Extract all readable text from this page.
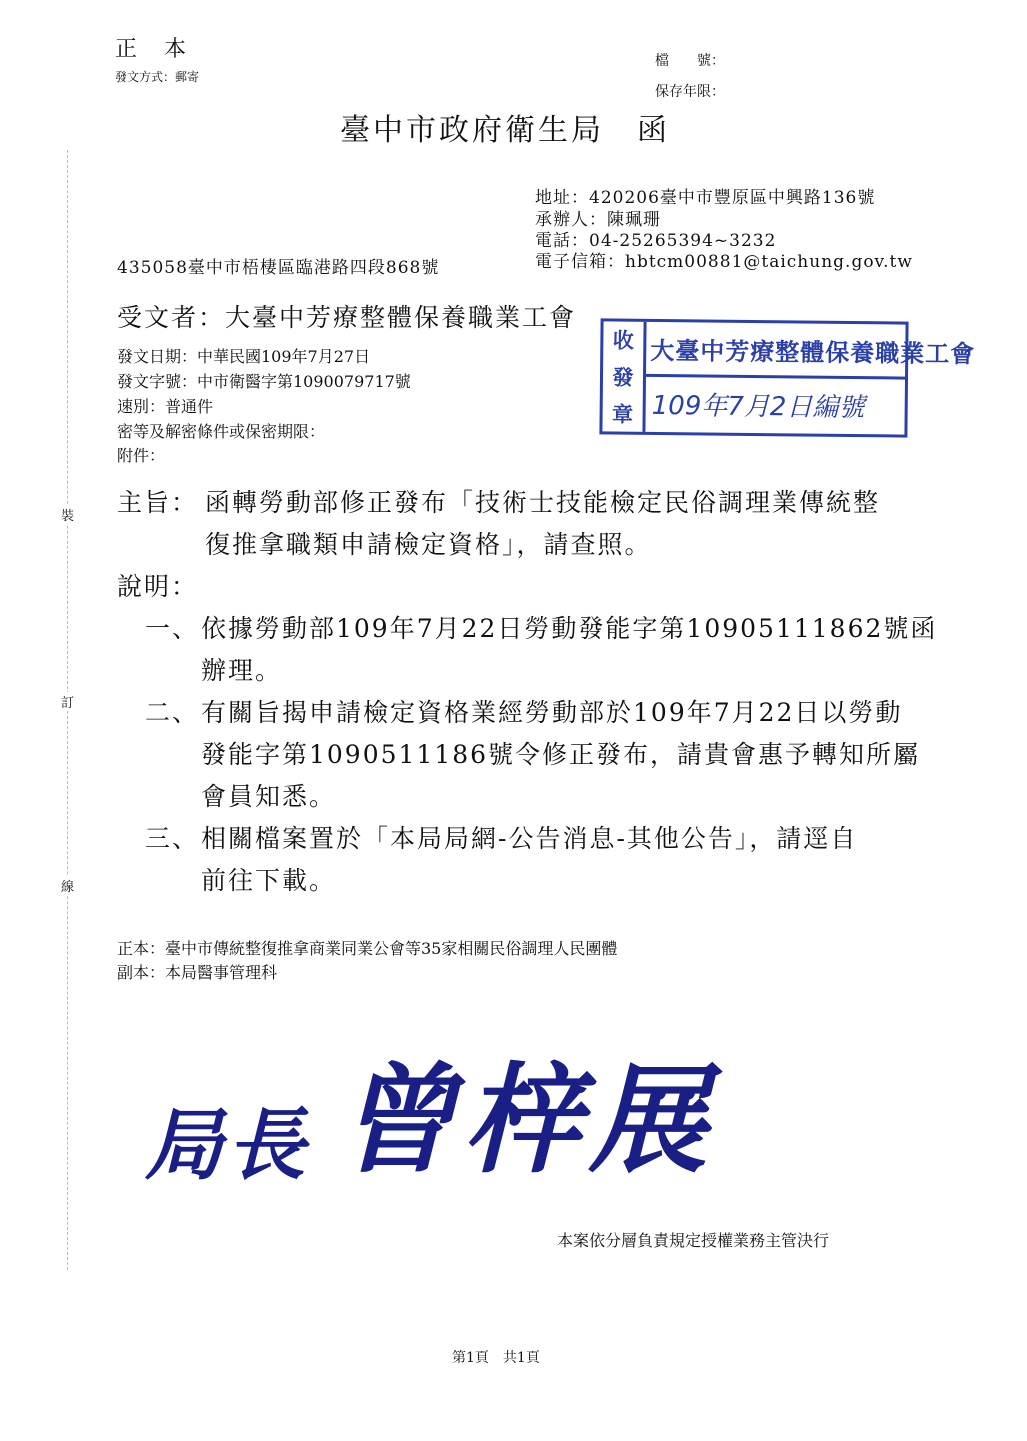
裝
訂
線
正 本
發文方式：郵寄
檔　　號：
保存年限：
臺中市政府衛生局　函
地址：420206臺中市豐原區中興路136號
承辦人：陳珮珊
電話：04-25265394~3232
電子信箱：hbtcm00881@taichung.gov.tw
435058臺中市梧棲區臨港路四段868號
受文者：大臺中芳療整體保養職業工會
發文日期：中華民國109年7月27日
發文字號：中市衛醫字第1090079717號
速別：普通件
密等及解密條件或保密期限：
附件：
收
發
章
大臺中芳療整體保養職業工會
109年7月2日編號
主旨： 函轉勞動部修正發布「技術士技能檢定民俗調理業傳統整
復推拿職類申請檢定資格」，請查照。
說明：
一、 依據勞動部109年7月22日勞動發能字第10905111862號函
辦理。
二、 有關旨揭申請檢定資格業經勞動部於109年7月22日以勞動
發能字第1090511186號令修正發布，請貴會惠予轉知所屬
會員知悉。
三、 相關檔案置於「本局局網-公告消息-其他公告」，請逕自
前往下載。
正本：臺中市傳統整復推拿商業同業公會等35家相關民俗調理人民團體
副本：本局醫事管理科
局長 曾梓展
本案依分層負責規定授權業務主管決行
第1頁　共1頁
